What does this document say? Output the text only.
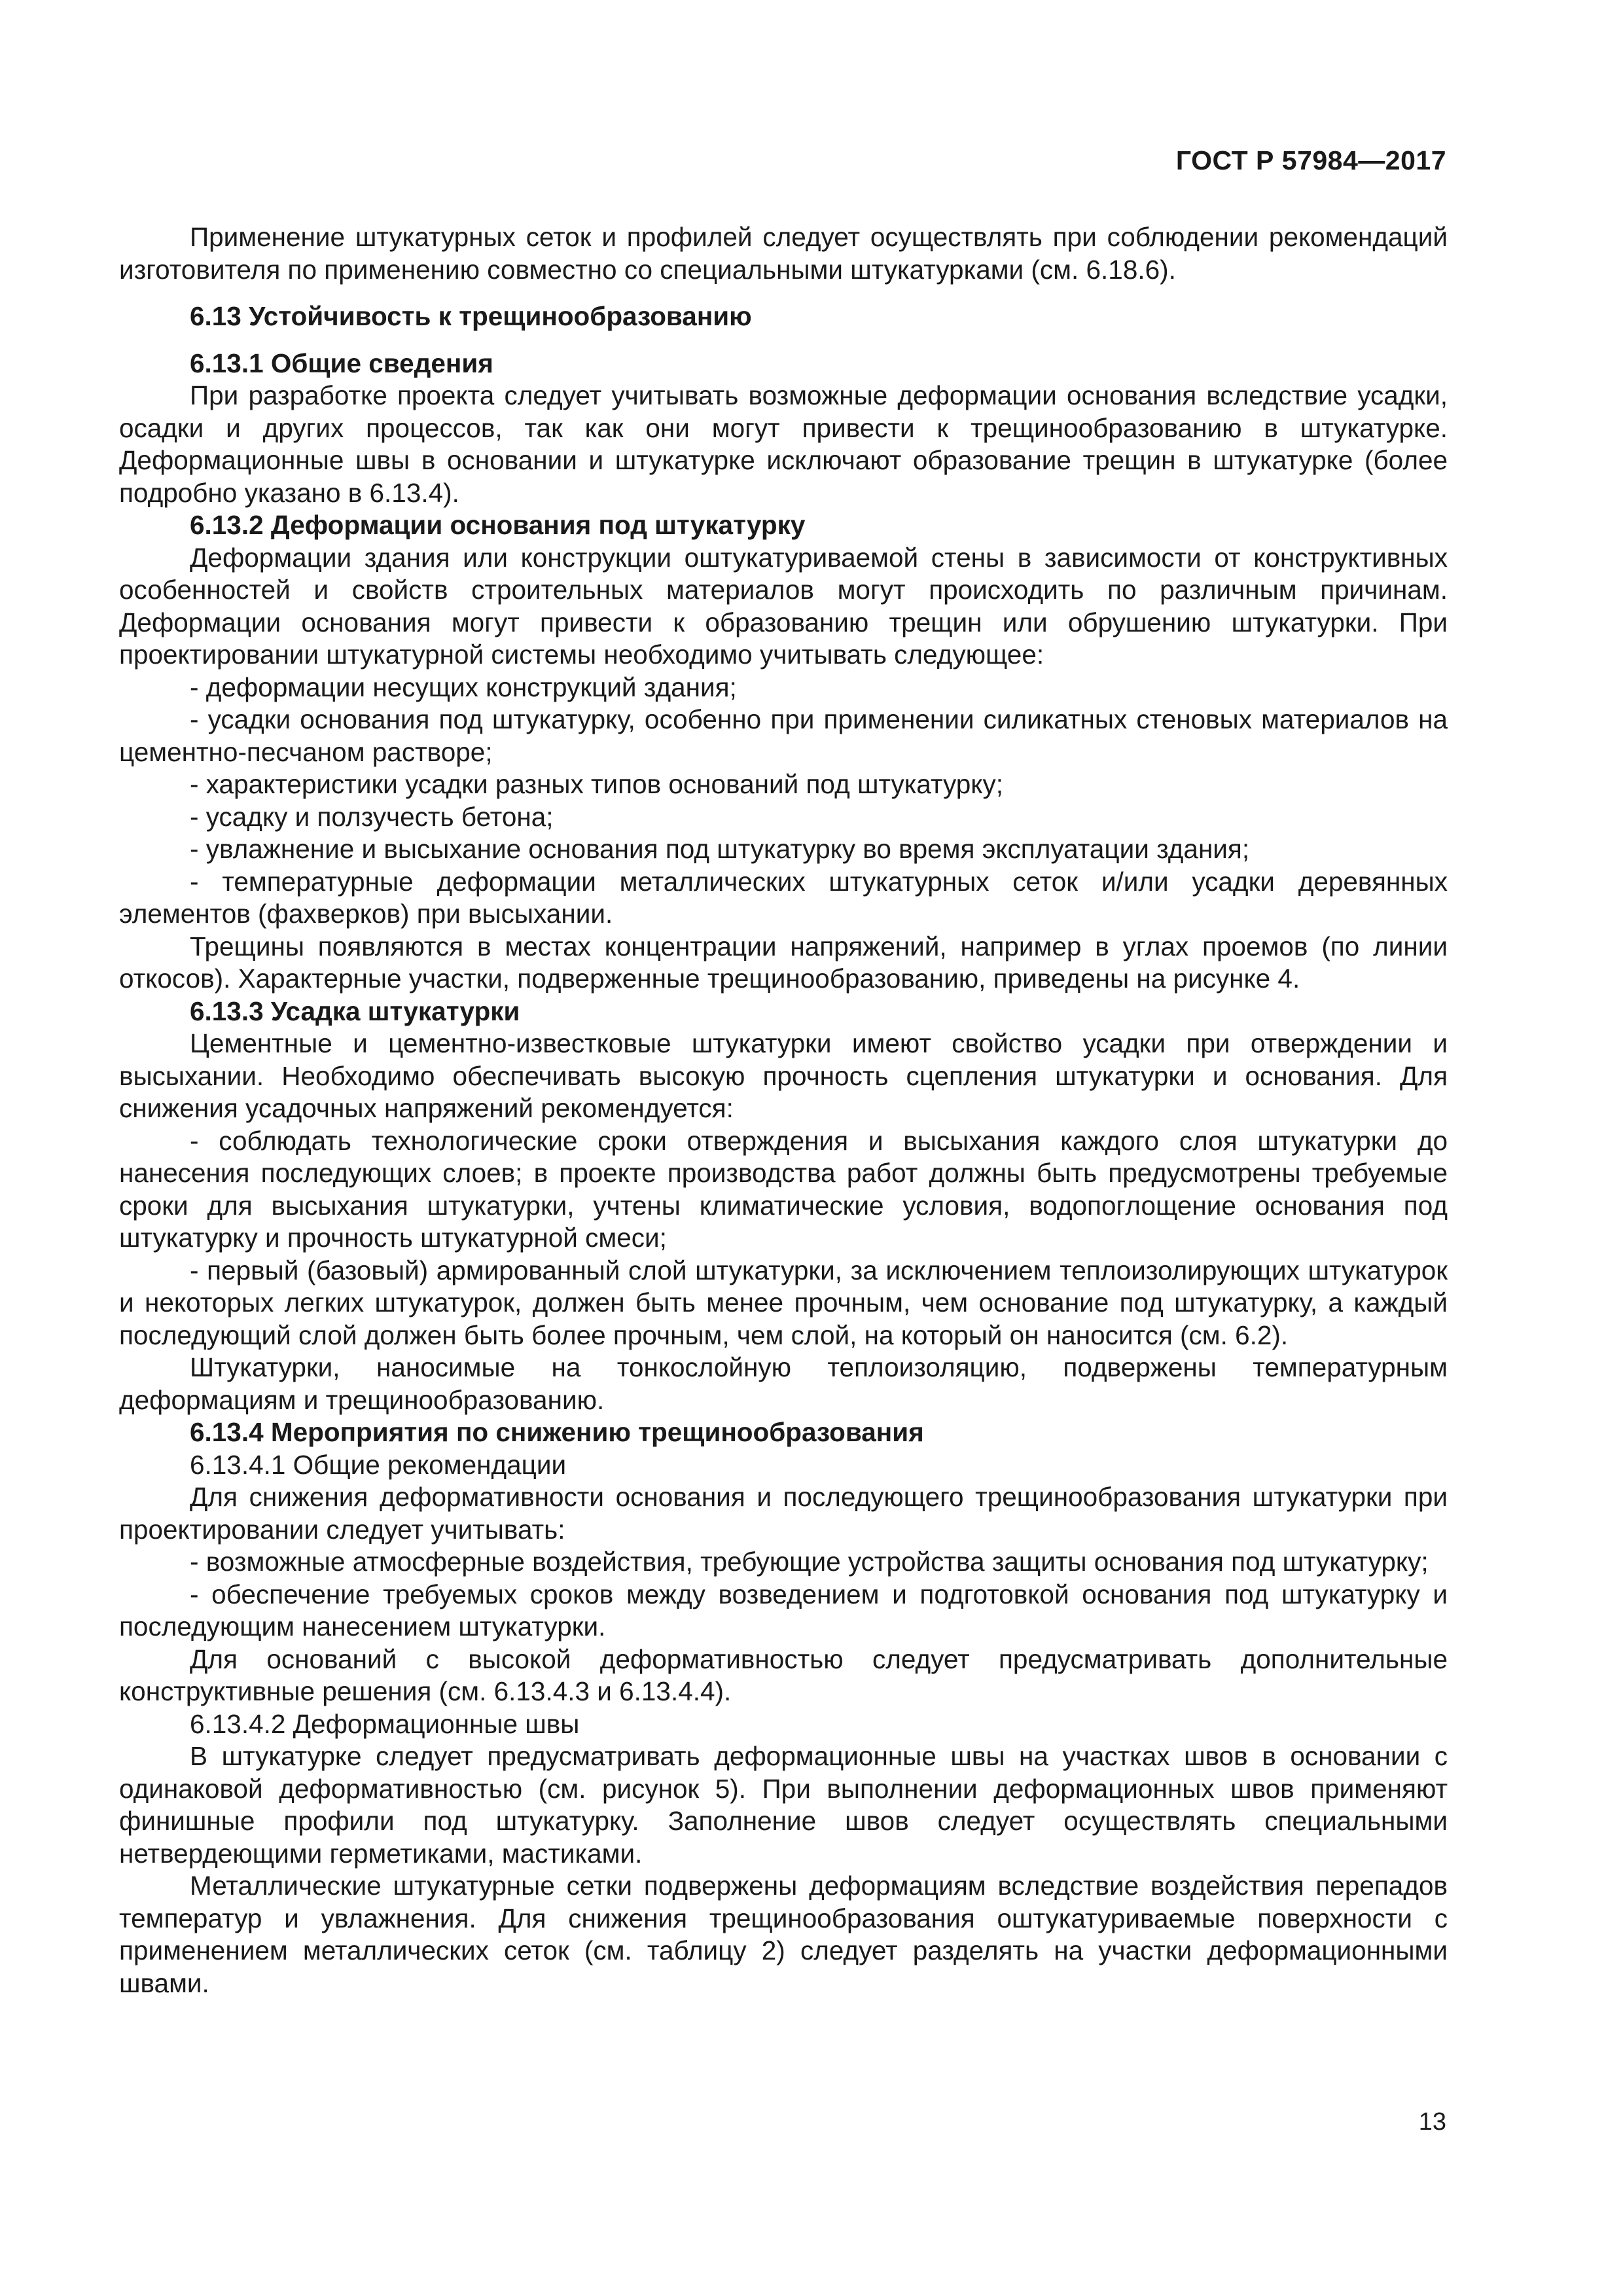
ГОСТ Р 57984—2017

Применение штукатурных сеток и профилей следует осуществлять при соблюдении рекомендаций изготовителя по применению совместно со специальными штукатурками (см. 6.18.6).

6.13 Устойчивость к трещинообразованию
6.13.1 Общие сведения

При разработке проекта следует учитывать возможные деформации основания вследствие усадки, осадки и других процессов, так как они могут привести к трещинообразованию в штукатурке. Деформационные швы в основании и штукатурке исключают образование трещин в штукатурке (более подробно указано в 6.13.4).

6.13.2 Деформации основания под штукатурку

Деформации здания или конструкции оштукатуриваемой стены в зависимости от конструктивных особенностей и свойств строительных материалов могут происходить по различным причинам. Деформации основания могут привести к образованию трещин или обрушению штукатурки. При проектировании штукатурной системы необходимо учитывать следующее:

- деформации несущих конструкций здания;

- усадки основания под штукатурку, особенно при применении силикатных стеновых материалов на цементно-песчаном растворе;

- характеристики усадки разных типов оснований под штукатурку;

- усадку и ползучесть бетона;

- увлажнение и высыхание основания под штукатурку во время эксплуатации здания;

- температурные деформации металлических штукатурных сеток и/или усадки деревянных элементов (фахверков) при высыхании.

Трещины появляются в местах концентрации напряжений, например в углах проемов (по линии откосов). Характерные участки, подверженные трещинообразованию, приведены на рисунке 4.

6.13.3 Усадка штукатурки

Цементные и цементно-известковые штукатурки имеют свойство усадки при отверждении и высыхании. Необходимо обеспечивать высокую прочность сцепления штукатурки и основания. Для снижения усадочных напряжений рекомендуется:

- соблюдать технологические сроки отверждения и высыхания каждого слоя штукатурки до нанесения последующих слоев; в проекте производства работ должны быть предусмотрены требуемые сроки для высыхания штукатурки, учтены климатические условия, водопоглощение основания под штукатурку и прочность штукатурной смеси;

- первый (базовый) армированный слой штукатурки, за исключением теплоизолирующих штукатурок и некоторых легких штукатурок, должен быть менее прочным, чем основание под штукатурку, а каждый последующий слой должен быть более прочным, чем слой, на который он наносится (см. 6.2).

Штукатурки, наносимые на тонкослойную теплоизоляцию, подвержены температурным деформациям и трещинообразованию.

6.13.4 Мероприятия по снижению трещинообразования

6.13.4.1 Общие рекомендации

Для снижения деформативности основания и последующего трещинообразования штукатурки при проектировании следует учитывать:

- возможные атмосферные воздействия, требующие устройства защиты основания под штукатурку;

- обеспечение требуемых сроков между возведением и подготовкой основания под штукатурку и последующим нанесением штукатурки.

Для оснований с высокой деформативностью следует предусматривать дополнительные конструктивные решения (см. 6.13.4.3 и 6.13.4.4).

6.13.4.2 Деформационные швы

В штукатурке следует предусматривать деформационные швы на участках швов в основании с одинаковой деформативностью (см. рисунок 5). При выполнении деформационных швов применяют финишные профили под штукатурку. Заполнение швов следует осуществлять специальными нетвердеющими герметиками, мастиками.

Металлические штукатурные сетки подвержены деформациям вследствие воздействия перепадов температур и увлажнения. Для снижения трещинообразования оштукатуриваемые поверхности с применением металлических сеток (см. таблицу 2) следует разделять на участки деформационными швами.

13
